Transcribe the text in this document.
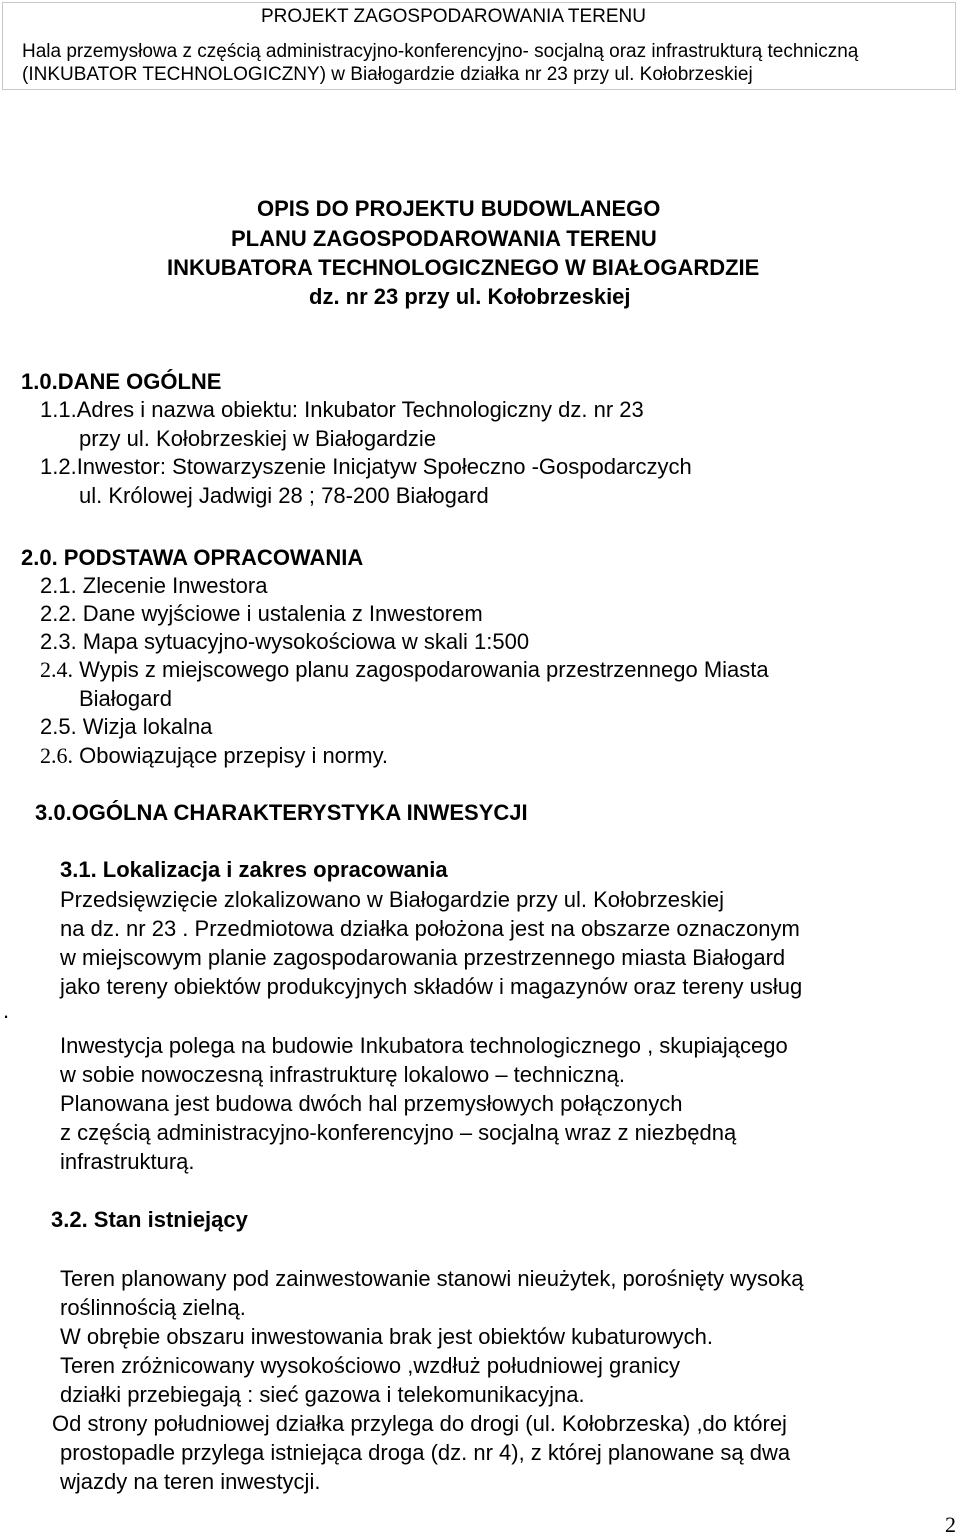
PROJEKT ZAGOSPODAROWANIA TERENU
Hala przemysłowa z częścią administracyjno-konferencyjno- socjalną oraz infrastrukturą techniczną
(INKUBATOR TECHNOLOGICZNY) w Białogardzie działka nr 23 przy ul. Kołobrzeskiej
OPIS DO PROJEKTU BUDOWLANEGO
PLANU ZAGOSPODAROWANIA TERENU
INKUBATORA TECHNOLOGICZNEGO W BIAŁOGARDZIE
dz. nr 23 przy ul. Kołobrzeskiej
1.0.DANE OGÓLNE
1.1.Adres i nazwa obiektu: Inkubator Technologiczny dz. nr 23
przy ul. Kołobrzeskiej w Białogardzie
1.2.Inwestor: Stowarzyszenie Inicjatyw Społeczno -Gospodarczych
ul. Królowej Jadwigi 28 ; 78-200 Białogard
2.0. PODSTAWA OPRACOWANIA
2.1. Zlecenie Inwestora
2.2. Dane wyjściowe i ustalenia z Inwestorem
2.3. Mapa sytuacyjno-wysokościowa w skali 1:500
2.4. Wypis z miejscowego planu zagospodarowania przestrzennego Miasta
Białogard
2.5. Wizja lokalna
2.6. Obowiązujące przepisy i normy.
3.0.OGÓLNA CHARAKTERYSTYKA INWESYCJI
3.1. Lokalizacja i zakres opracowania
Przedsięwzięcie zlokalizowano w Białogardzie przy ul. Kołobrzeskiej
na dz. nr 23 . Przedmiotowa działka położona jest na obszarze oznaczonym
w miejscowym planie zagospodarowania przestrzennego miasta Białogard
jako tereny obiektów produkcyjnych składów i magazynów oraz tereny usług
.
Inwestycja polega na budowie Inkubatora technologicznego , skupiającego
w sobie nowoczesną infrastrukturę lokalowo – techniczną.
Planowana jest budowa dwóch hal przemysłowych połączonych
z częścią administracyjno-konferencyjno – socjalną wraz z niezbędną
infrastrukturą.
3.2. Stan istniejący
Teren planowany pod zainwestowanie stanowi nieużytek, porośnięty wysoką
roślinnością zielną.
W obrębie obszaru inwestowania brak jest obiektów kubaturowych.
Teren zróżnicowany wysokościowo ,wzdłuż południowej granicy
działki przebiegają : sieć gazowa i telekomunikacyjna.
Od strony południowej działka przylega do drogi (ul. Kołobrzeska) ,do której
prostopadle przylega istniejąca droga (dz. nr 4), z której planowane są dwa
wjazdy na teren inwestycji.
2
